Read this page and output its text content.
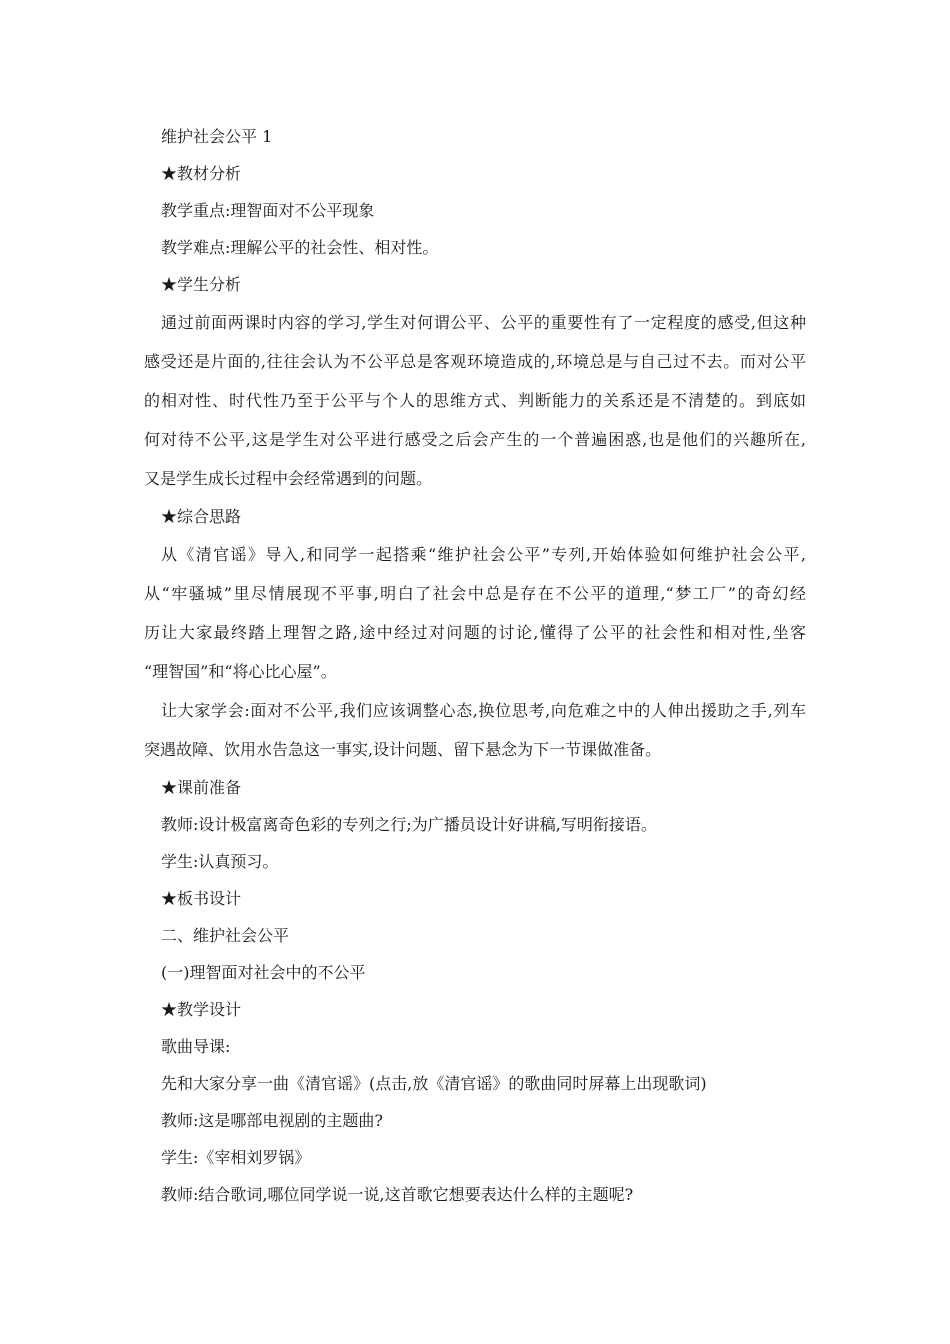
维护社会公平 1
★教材分析
教学重点:理智面对不公平现象
教学难点:理解公平的社会性、相对性。
★学生分析
通过前面两课时内容的学习,学生对何谓公平、公平的重要性有了一定程度的感受,但这种
感受还是片面的,往往会认为不公平总是客观环境造成的,环境总是与自己过不去。而对公平
的相对性、时代性乃至于公平与个人的思维方式、判断能力的关系还是不清楚的。到底如
何对待不公平,这是学生对公平进行感受之后会产生的一个普遍困惑,也是他们的兴趣所在,
又是学生成长过程中会经常遇到的问题。
★综合思路
从《清官谣》导入,和同学一起搭乘“维护社会公平”专列,开始体验如何维护社会公平,
从“牢骚城”里尽情展现不平事,明白了社会中总是存在不公平的道理,“梦工厂”的奇幻经
历让大家最终踏上理智之路,途中经过对问题的讨论,懂得了公平的社会性和相对性,坐客
“理智国”和“将心比心屋”。
让大家学会:面对不公平,我们应该调整心态,换位思考,向危难之中的人伸出援助之手,列车
突遇故障、饮用水告急这一事实,设计问题、留下悬念为下一节课做准备。
★课前准备
教师:设计极富离奇色彩的专列之行;为广播员设计好讲稿,写明衔接语。
学生:认真预习。
★板书设计
二、维护社会公平
(一)理智面对社会中的不公平
★教学设计
歌曲导课:
先和大家分享一曲《清官谣》(点击,放《清官谣》的歌曲同时屏幕上出现歌词)
教师:这是哪部电视剧的主题曲?
学生:《宰相刘罗锅》
教师:结合歌词,哪位同学说一说,这首歌它想要表达什么样的主题呢?
